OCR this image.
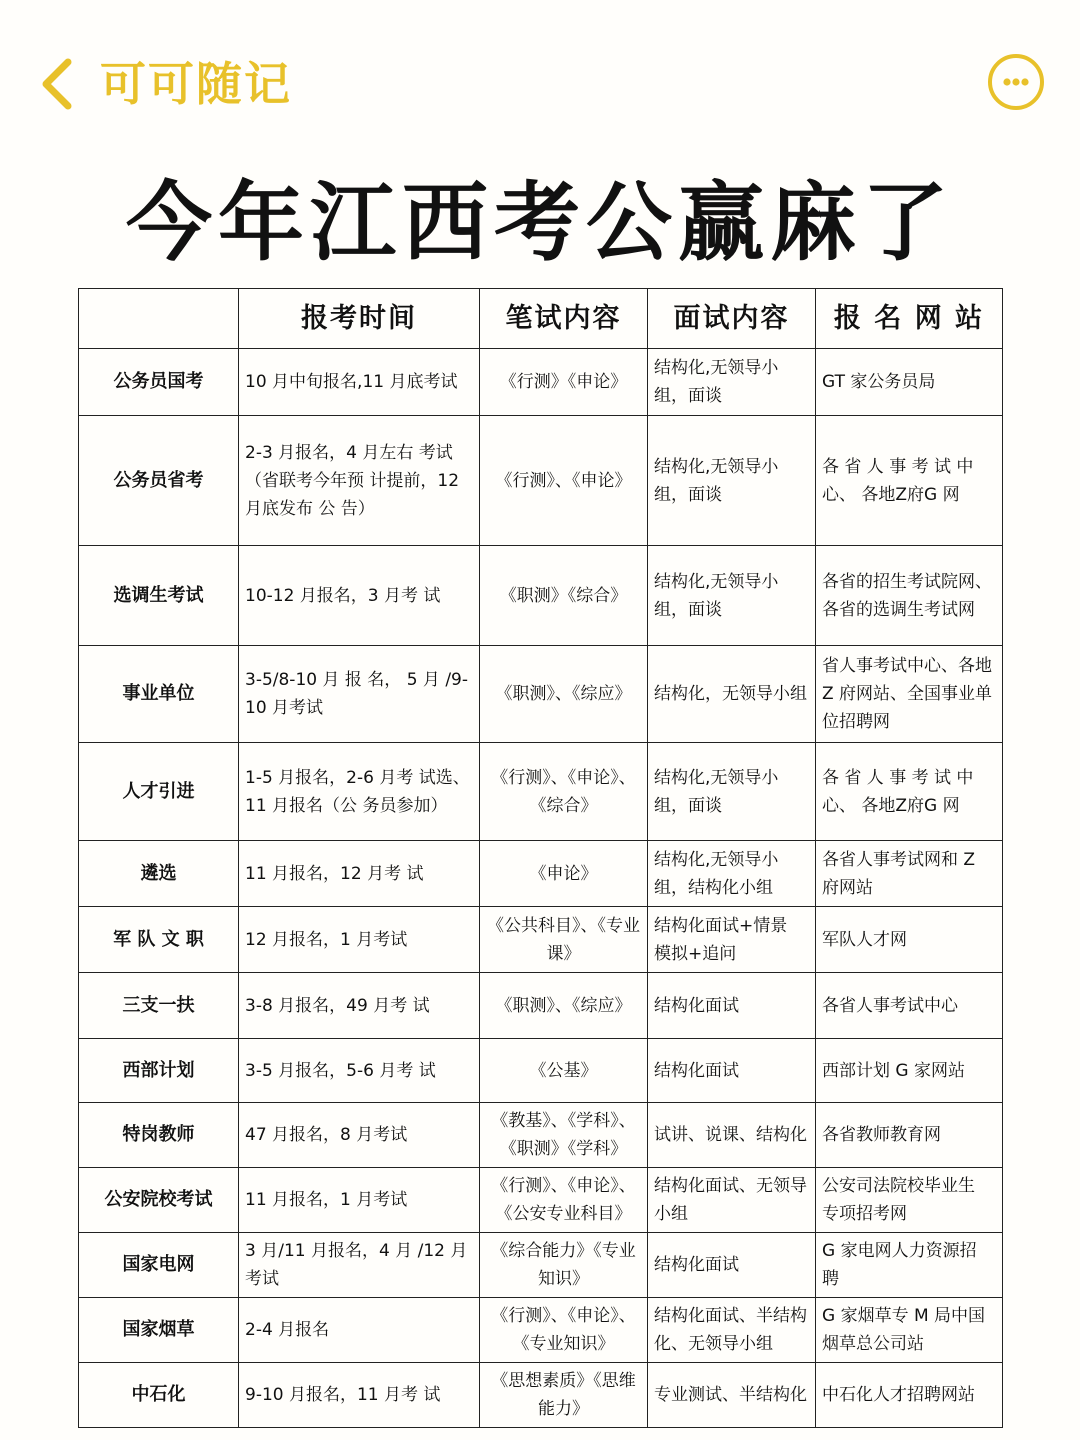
可可随记
今年江西考公赢麻了
	报考时间	笔试内容	面试内容	报 名 网 站
公务员国考	10 月中旬报名,11 月底考试	《行测》《申论》	结构化,无领导小组，面谈	GT 家公务员局
公务员省考	2-3 月报名，4 月左右 考试（省联考今年预 计提前，12 月底发布 公 告）	《行测》、《申论》	结构化,无领导小组，面谈	各 省 人 事 考 试 中 心、 各地Z府G 网
选调生考试	10-12 月报名，3 月考 试	《职测》《综合》	结构化,无领导小组，面谈	各省的招生考试院网、各省的选调生考试网
事业单位	3-5/8-10 月 报 名， 5 月 /9-10 月考试	《职测》、《综应》	结构化，无领导小组	省人事考试中心、各地 Z 府网站、全国事业单位招聘网
人才引进	1-5 月报名，2-6 月考 试选、11 月报名（公 务员参加）	《行测》、《申论》、《综合》	结构化,无领导小组，面谈	各 省 人 事 考 试 中 心、 各地Z府G 网
遴选	11 月报名，12 月考 试	《申论》	结构化,无领导小组，结构化小组	各省人事考试网和 Z 府网站
军 队 文 职	12 月报名，1 月考试	《公共科目》、《专业 课》	结构化面试+情景 模拟+追问	军队人才网
三支一扶	3-8 月报名，49 月考 试	《职测》、《综应》	结构化面试	各省人事考试中心
西部计划	3-5 月报名，5-6 月考 试	《公基》	结构化面试	西部计划 G 家网站
特岗教师	47 月报名，8 月考试	《教基》、《学科》、《职测》《学科》	试讲、说课、结构化	各省教师教育网
公安院校考试	11 月报名，1 月考试	《行测》、《申论》、《公安专业科目》	结构化面试、无领导小组	公安司法院校毕业生 专项招考网
国家电网	3 月/11 月报名，4 月 /12 月考试	《综合能力》《专业知识》	结构化面试	G 家电网人力资源招 聘
国家烟草	2-4 月报名	《行测》、《申论》、《专业知识》	结构化面试、半结构化、无领导小组	G 家烟草专 M 局中国烟草总公司站
中石化	9-10 月报名，11 月考 试	《思想素质》《思维能力》	专业测试、半结构化	中石化人才招聘网站
